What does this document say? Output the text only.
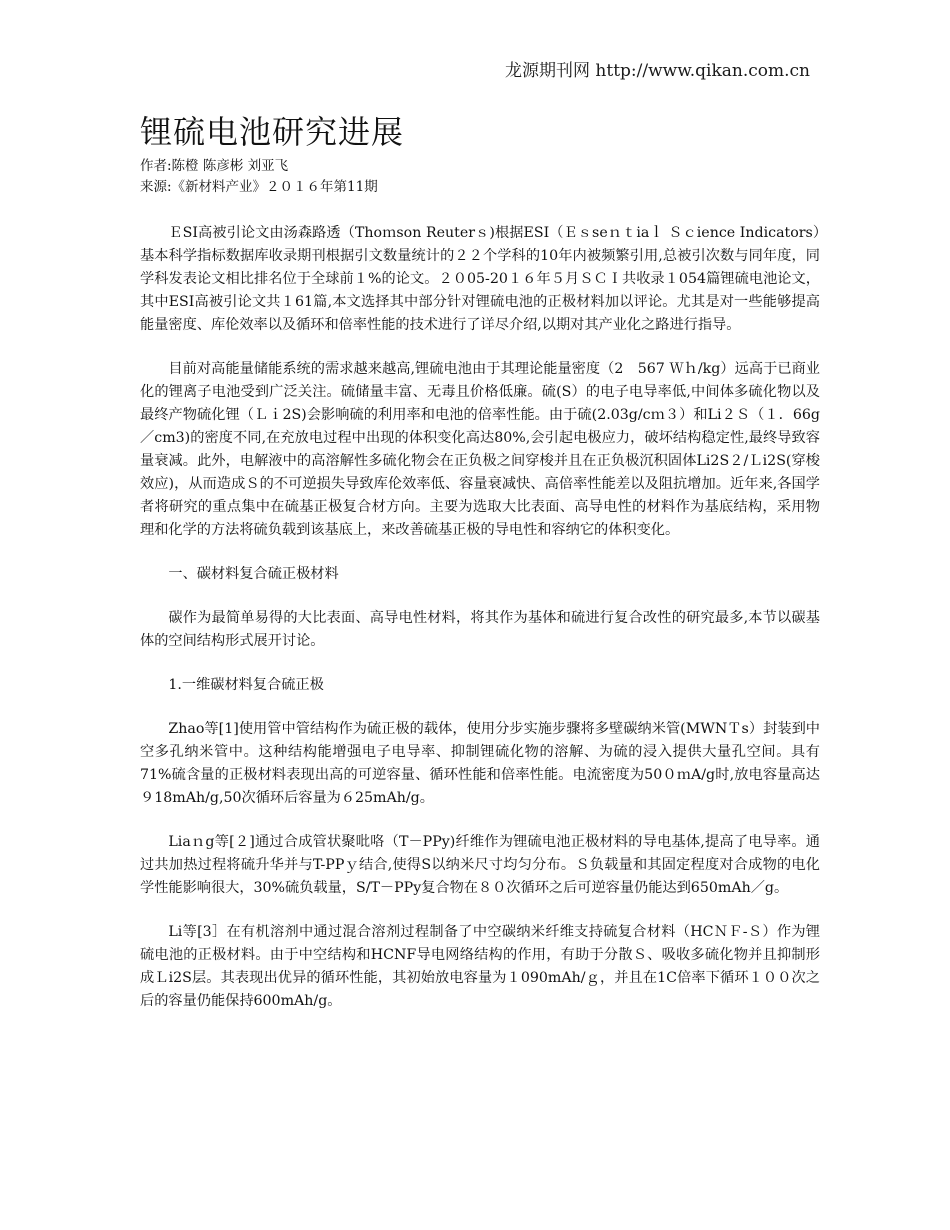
龙源期刊网 http://www.qikan.com.cn
锂硫电池研究进展

作者:陈橙 陈彦彬 刘亚飞

来源:《新材料产业》２０１６年第11期

ＥSI高被引论文由汤森路透（Thoｍson Reuterｓ)根据ESI（Ｅｓseｎｔiaｌ Ｓｃience Indicators）基本科学指标数据库收录期刊根据引文数量统计的２２个学科的10年内被频繁引用,总被引次数与同年度，同学科发表论文相比排名位于全球前１%的论文。２０05-20１６年５月ＳＣＩ共收录１054篇锂硫电池论文，其中ESI高被引论文共１61篇,本文选择其中部分针对锂硫电池的正极材料加以评论。尤其是对一些能够提高能量密度、库伦效率以及循环和倍率性能的技术进行了详尽介绍,以期对其产业化之路进行指导。

目前对高能量储能系统的需求越来越高,锂硫电池由于其理论能量密度（2　567 Ｗｈ/kg）远高于已商业化的锂离子电池受到广泛关注。硫储量丰富、无毒且价格低廉。硫(S）的电子电导率低,中间体多硫化物以及最终产物硫化锂（Ｌｉ2S)会影响硫的利用率和电池的倍率性能。由于硫(2.03g/cｍ３）和Li２Ｓ（１．66g／cm3)的密度不同,在充放电过程中出现的体积变化高达80%,会引起电极应力，破坏结构稳定性,最终导致容量衰减。此外，电解液中的高溶解性多硫化物会在正负极之间穿梭并且在正负极沉积固体Li2S２/Ｌi2S(穿梭效应)，从而造成Ｓ的不可逆损失导致库伦效率低、容量衰减快、高倍率性能差以及阻抗增加。近年来,各国学者将研究的重点集中在硫基正极复合材方向。主要为选取大比表面、高导电性的材料作为基底结构，采用物理和化学的方法将硫负载到该基底上，来改善硫基正极的导电性和容纳它的体积变化。

一、碳材料复合硫正极材料

碳作为最简单易得的大比表面、高导电性材料，将其作为基体和硫进行复合改性的研究最多,本节以碳基体的空间结构形式展开讨论。

1.一维碳材料复合硫正极

Zhao等[1]使用管中管结构作为硫正极的载体，使用分步实施步骤将多壁碳纳米管(MWNＴs）封装到中空多孔纳米管中。这种结构能增强电子电导率、抑制锂硫化物的溶解、为硫的浸入提供大量孔空间。具有71%硫含量的正极材料表现出高的可逆容量、循环性能和倍率性能。电流密度为50０ｍA/g时,放电容量高达９18mAh/g,50次循环后容量为６25mAh/g。

Liaｎg等[２]通过合成管状聚吡咯（T－PPy)纤维作为锂硫电池正极材料的导电基体,提高了电导率。通过共加热过程将硫升华并与T-PPｙ结合,使得S以纳米尺寸均匀分布。Ｓ负载量和其固定程度对合成物的电化学性能影响很大，30%硫负载量，S/T－PPy复合物在８０次循环之后可逆容量仍能达到650mAh／g。

Li等[3］在有机溶剂中通过混合溶剂过程制备了中空碳纳米纤维支持硫复合材料（HCＮＦ-Ｓ）作为锂硫电池的正极材料。由于中空结构和HCNF导电网络结构的作用，有助于分散Ｓ、吸收多硫化物并且抑制形成Ｌi2S层。其表现出优异的循环性能，其初始放电容量为１090mAh/ｇ，并且在1C倍率下循环１００次之后的容量仍能保持600mAh/g。
